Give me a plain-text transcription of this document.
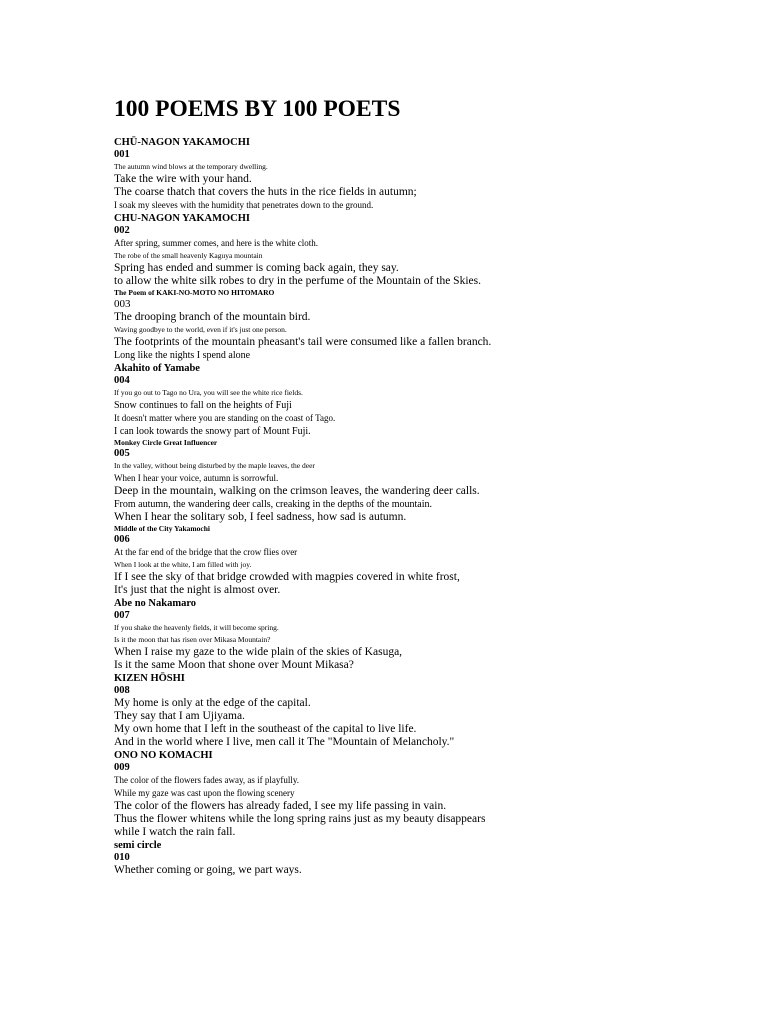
100 POEMS BY 100 POETS
CHŪ-NAGON YAKAMOCHI
001
The autumn wind blows at the temporary dwelling.
Take the wire with your hand.
The coarse thatch that covers the huts in the rice fields in autumn;
I soak my sleeves with the humidity that penetrates down to the ground.
CHU-NAGON YAKAMOCHI
002
After spring, summer comes, and here is the white cloth.
The robe of the small heavenly Kaguya mountain
Spring has ended and summer is coming back again, they say.
to allow the white silk robes to dry in the perfume of the Mountain of the Skies.
The Poem of KAKI-NO-MOTO NO HITOMARO
003
The drooping branch of the mountain bird.
Waving goodbye to the world, even if it's just one person.
The footprints of the mountain pheasant's tail were consumed like a fallen branch.
Long like the nights I spend alone
Akahito of Yamabe
004
If you go out to Tago no Ura, you will see the white rice fields.
Snow continues to fall on the heights of Fuji
It doesn't matter where you are standing on the coast of Tago.
I can look towards the snowy part of Mount Fuji.
Monkey Circle Great Influencer
005
In the valley, without being disturbed by the maple leaves, the deer
When I hear your voice, autumn is sorrowful.
Deep in the mountain, walking on the crimson leaves, the wandering deer calls.
From autumn, the wandering deer calls, creaking in the depths of the mountain.
When I hear the solitary sob, I feel sadness, how sad is autumn.
Middle of the City Yakamochi
006
At the far end of the bridge that the crow flies over
When I look at the white, I am filled with joy.
If I see the sky of that bridge crowded with magpies covered in white frost,
It's just that the night is almost over.
Abe no Nakamaro
007
If you shake the heavenly fields, it will become spring.
Is it the moon that has risen over Mikasa Mountain?
When I raise my gaze to the wide plain of the skies of Kasuga,
Is it the same Moon that shone over Mount Mikasa?
KIZEN HŌSHI
008
My home is only at the edge of the capital.
They say that I am Ujiyama.
My own home that I left in the southeast of the capital to live life.
And in the world where I live, men call it The "Mountain of Melancholy."
ONO NO KOMACHI
009
The color of the flowers fades away, as if playfully.
While my gaze was cast upon the flowing scenery
The color of the flowers has already faded, I see my life passing in vain.
Thus the flower whitens while the long spring rains just as my beauty disappears
while I watch the rain fall.
semi circle
010
Whether coming or going, we part ways.
